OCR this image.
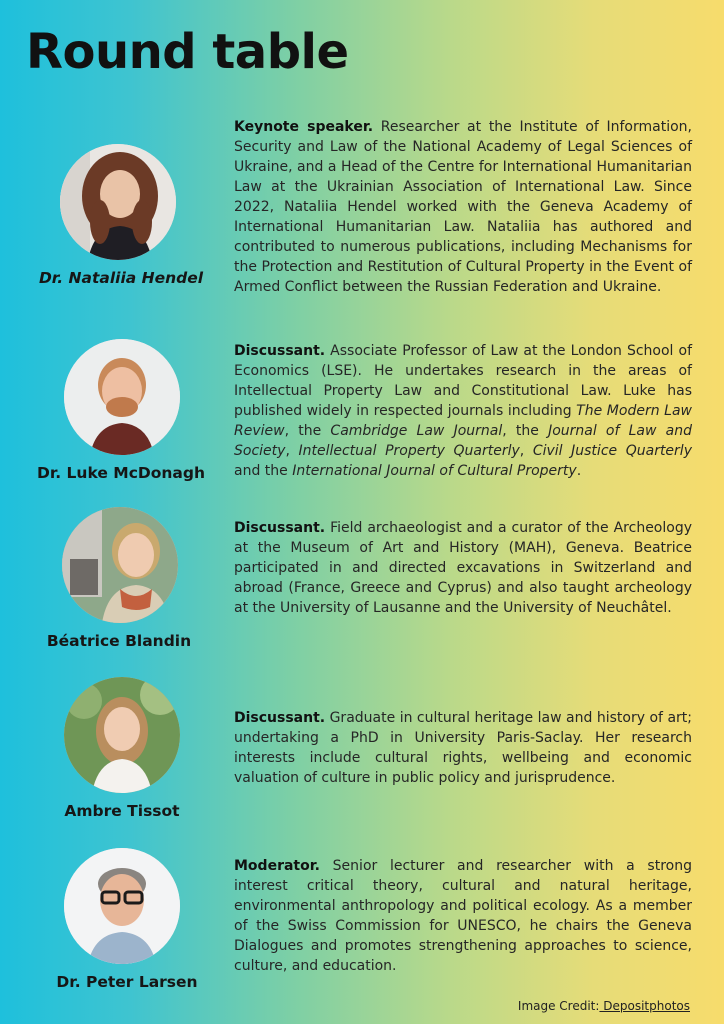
Round table
Dr. Nataliia Hendel
Keynote speaker. Researcher at the Institute of Information, Security and Law of the National Academy of Legal Sciences of Ukraine, and a Head of the Centre for International Humanitarian Law at the Ukrainian Association of International Law. Since 2022, Nataliia Hendel worked with the Geneva Academy of International Humanitarian Law. Nataliia has authored and contributed to numerous publications, including Mechanisms for the Protection and Restitution of Cultural Property in the Event of Armed Conflict between the Russian Federation and Ukraine.
Dr. Luke McDonagh
Discussant. Associate Professor of Law at the London School of Economics (LSE). He undertakes research in the areas of Intellectual Property Law and Constitutional Law. Luke has published widely in respected journals including The Modern Law Review, the Cambridge Law Journal, the Journal of Law and Society, Intellectual Property Quarterly, Civil Justice Quarterly and the International Journal of Cultural Property.
Béatrice Blandin
Discussant. Field archaeologist and a curator of the Archeology at the Museum of Art and History (MAH), Geneva. Beatrice participated in and directed excavations in Switzerland and abroad (France, Greece and Cyprus) and also taught archeology at the University of Lausanne and the University of Neuchâtel.
Ambre Tissot
Discussant. Graduate in cultural heritage law and history of art; undertaking a PhD in University Paris-Saclay. Her research interests include cultural rights, wellbeing and economic valuation of culture in public policy and jurisprudence.
Dr. Peter Larsen
Moderator. Senior lecturer and researcher with a strong interest critical theory, cultural and natural heritage, environmental anthropology and political ecology. As a member of the Swiss Commission for UNESCO, he chairs the Geneva Dialogues and promotes strengthening approaches to science, culture, and education.
Image Credit: Depositphotos
